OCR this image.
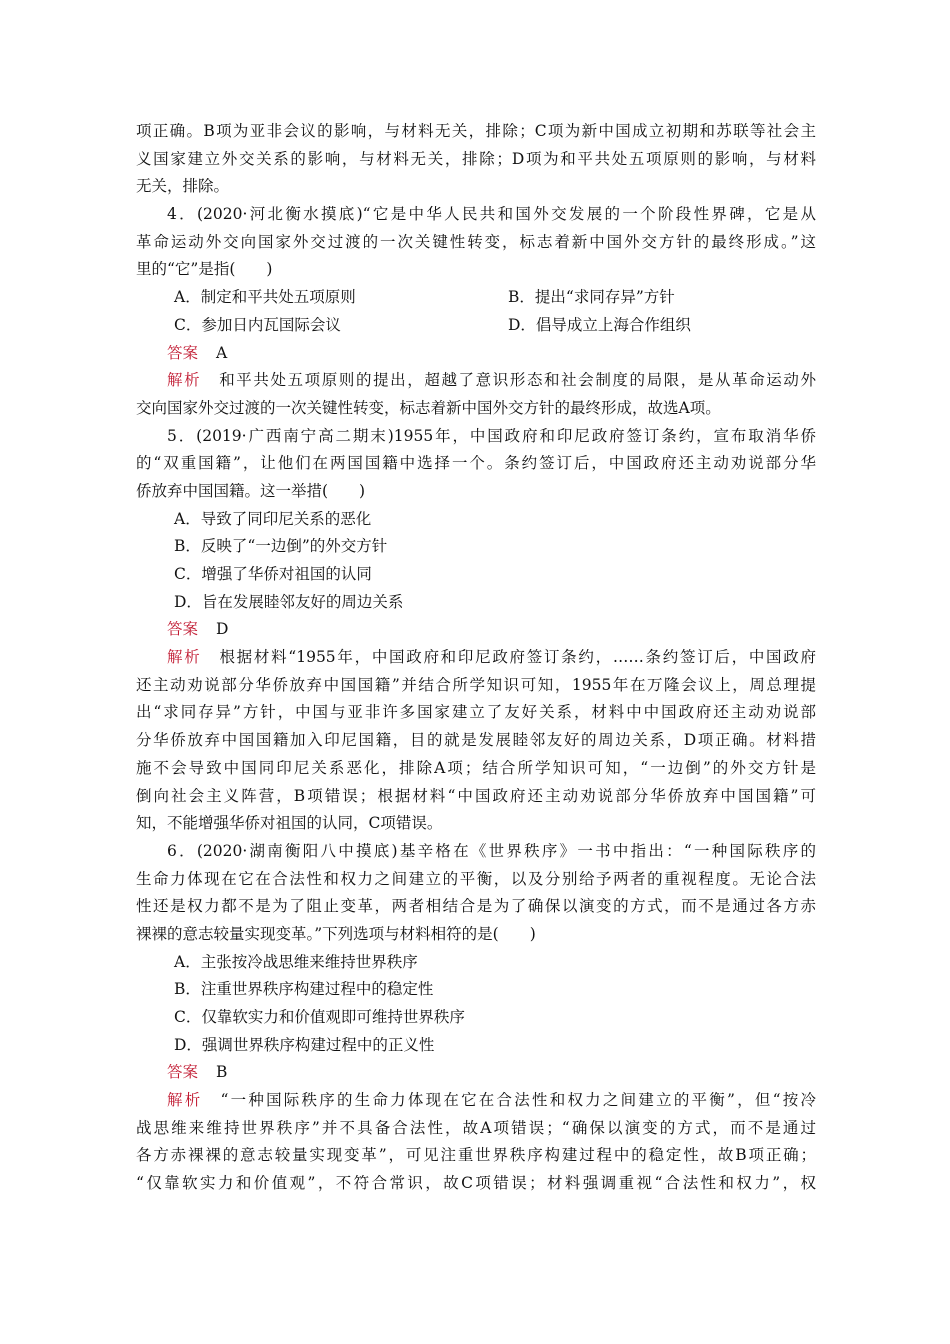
项正确。B项为亚非会议的影响，与材料无关，排除；C项为新中国成立初期和苏联等社会主
义国家建立外交关系的影响，与材料无关，排除；D项为和平共处五项原则的影响，与材料
无关，排除。
4．(2020·河北衡水摸底)“它是中华人民共和国外交发展的一个阶段性界碑，它是从
革命运动外交向国家外交过渡的一次关键性转变，标志着新中国外交方针的最终形成。”这
里的“它”是指(　　)
A．制定和平共处五项原则	B．提出“求同存异”方针
C．参加日内瓦国际会议	D．倡导成立上海合作组织
答案 A
解析 和平共处五项原则的提出，超越了意识形态和社会制度的局限，是从革命运动外
交向国家外交过渡的一次关键性转变，标志着新中国外交方针的最终形成，故选A项。
5．(2019·广西南宁高二期末)1955年，中国政府和印尼政府签订条约，宣布取消华侨
的“双重国籍”，让他们在两国国籍中选择一个。条约签订后，中国政府还主动劝说部分华
侨放弃中国国籍。这一举措(　　)
A．导致了同印尼关系的恶化
B．反映了“一边倒”的外交方针
C．增强了华侨对祖国的认同
D．旨在发展睦邻友好的周边关系
答案 D
解析 根据材料“1955年，中国政府和印尼政府签订条约，……条约签订后，中国政府
还主动劝说部分华侨放弃中国国籍”并结合所学知识可知，1955年在万隆会议上，周总理提
出“求同存异”方针，中国与亚非许多国家建立了友好关系，材料中中国政府还主动劝说部
分华侨放弃中国国籍加入印尼国籍，目的就是发展睦邻友好的周边关系，D项正确。材料措
施不会导致中国同印尼关系恶化，排除A项；结合所学知识可知，“一边倒”的外交方针是
倒向社会主义阵营，B项错误；根据材料“中国政府还主动劝说部分华侨放弃中国国籍”可
知，不能增强华侨对祖国的认同，C项错误。
6．(2020·湖南衡阳八中摸底)基辛格在《世界秩序》一书中指出：“一种国际秩序的
生命力体现在它在合法性和权力之间建立的平衡，以及分别给予两者的重视程度。无论合法
性还是权力都不是为了阻止变革，两者相结合是为了确保以演变的方式，而不是通过各方赤
裸裸的意志较量实现变革。”下列选项与材料相符的是(　　)
A．主张按冷战思维来维持世界秩序
B．注重世界秩序构建过程中的稳定性
C．仅靠软实力和价值观即可维持世界秩序
D．强调世界秩序构建过程中的正义性
答案 B
解析 “一种国际秩序的生命力体现在它在合法性和权力之间建立的平衡”，但“按冷
战思维来维持世界秩序”并不具备合法性，故A项错误；“确保以演变的方式，而不是通过
各方赤裸裸的意志较量实现变革”，可见注重世界秩序构建过程中的稳定性，故B项正确；
“仅靠软实力和价值观”，不符合常识，故C项错误；材料强调重视“合法性和权力”，权
